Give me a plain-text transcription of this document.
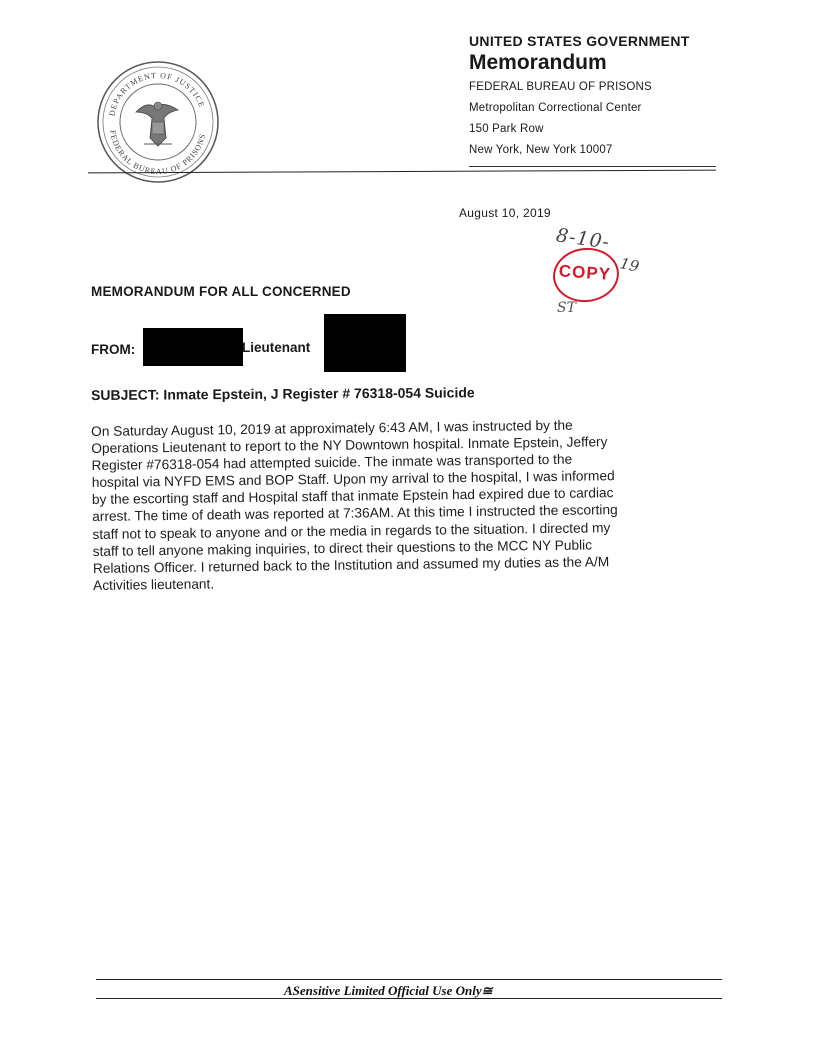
DEPARTMENT OF JUSTICE
FEDERAL BUREAU OF PRISONS
UNITED STATES GOVERNMENT
Memorandum
FEDERAL BUREAU OF PRISONS
Metropolitan Correctional Center
150 Park Row
New York, New York 10007
August 10, 2019
8-10-
19
COPY
ST
MEMORANDUM FOR ALL CONCERNED
FROM:	Lieutenant
SUBJECT: Inmate Epstein, J Register # 76318-054 Suicide
On Saturday August 10, 2019 at approximately 6:43 AM, I was instructed by the
Operations Lieutenant to report to the NY Downtown hospital. Inmate Epstein, Jeffery
Register #76318-054 had attempted suicide. The inmate was transported to the
hospital via NYFD EMS and BOP Staff. Upon my arrival to the hospital, I was informed
by the escorting staff and Hospital staff that inmate Epstein had expired due to cardiac
arrest. The time of death was reported at 7:36AM. At this time I instructed the escorting
staff not to speak to anyone and or the media in regards to the situation. I directed my
staff to tell anyone making inquiries, to direct their questions to the MCC NY Public
Relations Officer. I returned back to the Institution and assumed my duties as the A/M
Activities lieutenant.
ASensitive Limited Official Use Only≅
